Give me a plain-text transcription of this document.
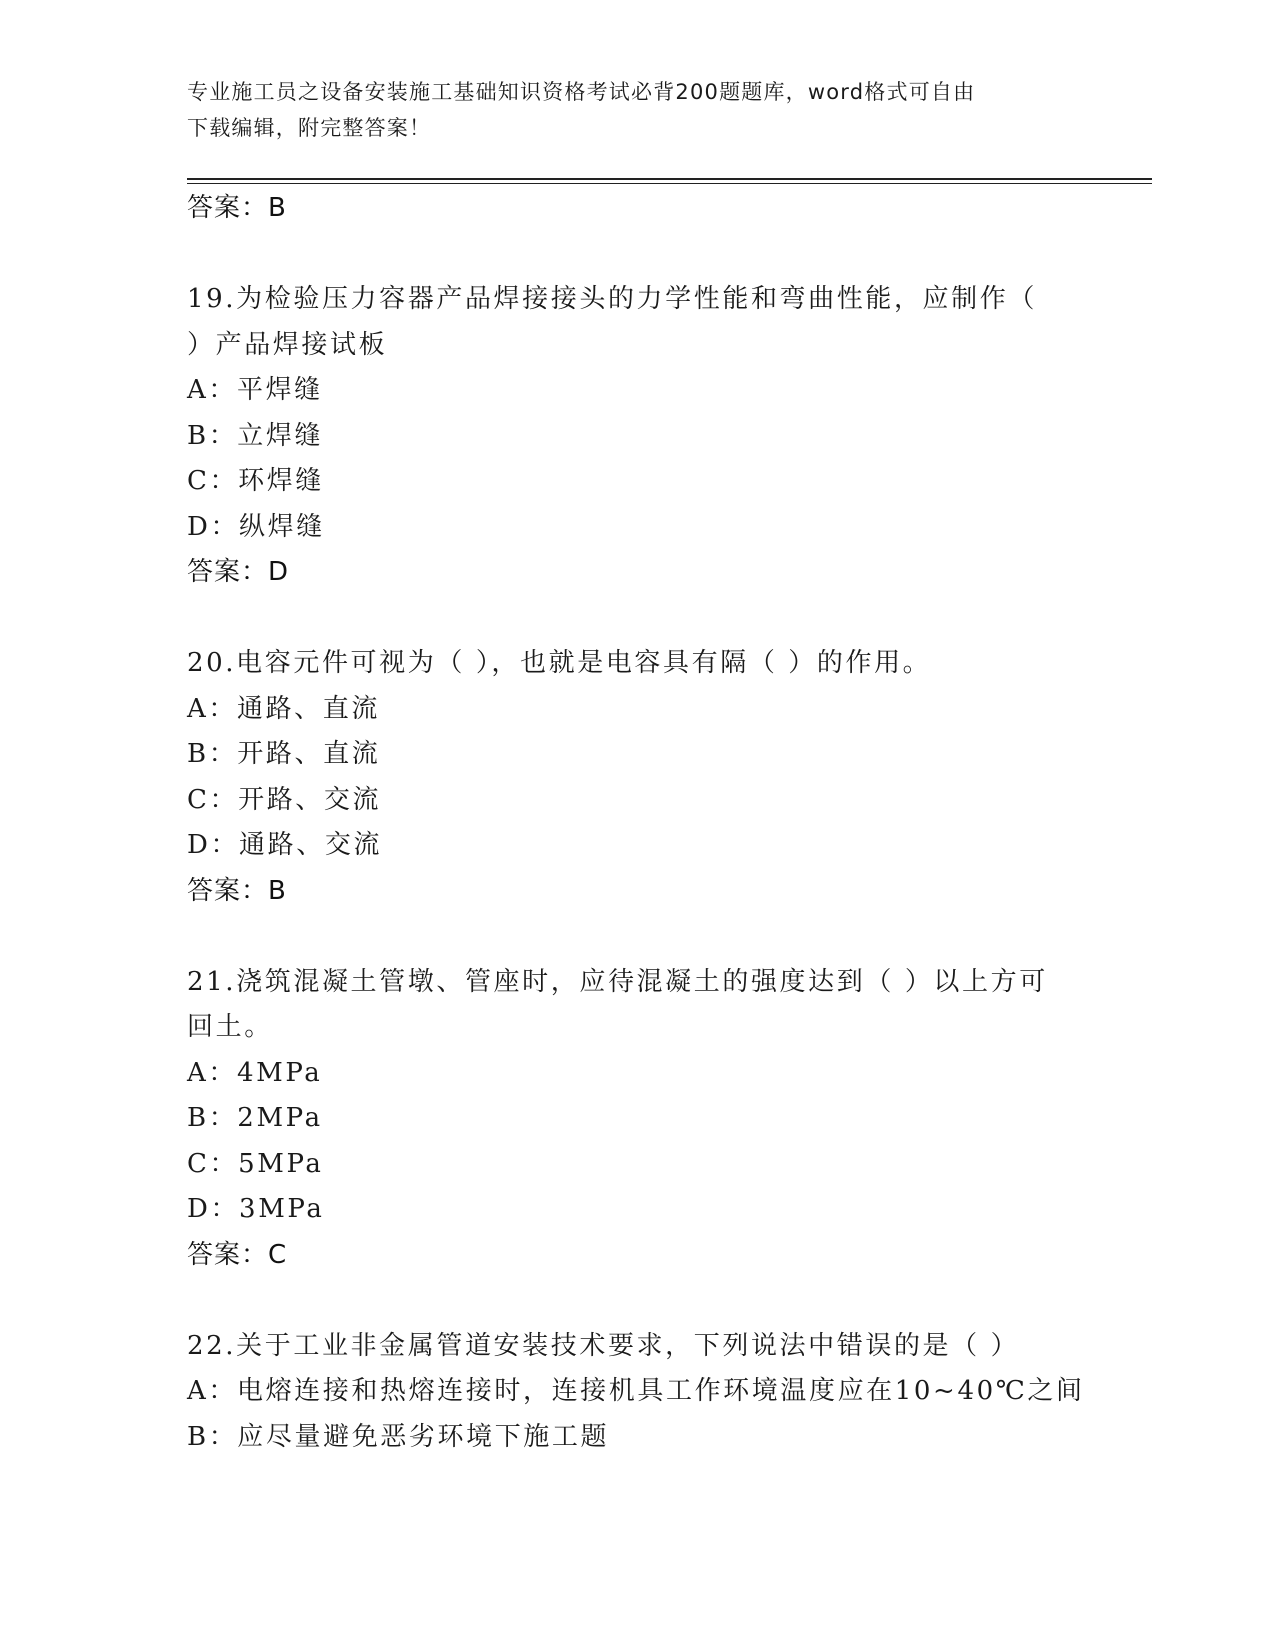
专业施工员之设备安装施工基础知识资格考试必背200题题库，word格式可自由
下载编辑，附完整答案！
答案：B
19.为检验压力容器产品焊接接头的力学性能和弯曲性能，应制作（
）产品焊接试板
A：平焊缝
B：立焊缝
C：环焊缝
D：纵焊缝
答案：D
20.电容元件可视为（ ），也就是电容具有隔（ ）的作用。
A：通路、直流
B：开路、直流
C：开路、交流
D：通路、交流
答案：B
21.浇筑混凝土管墩、管座时，应待混凝土的强度达到（ ）以上方可
回土。
A：4MPa
B：2MPa
C：5MPa
D：3MPa
答案：C
22.关于工业非金属管道安装技术要求，下列说法中错误的是（ ）
A：电熔连接和热熔连接时，连接机具工作环境温度应在10~40℃之间
B：应尽量避免恶劣环境下施工题
